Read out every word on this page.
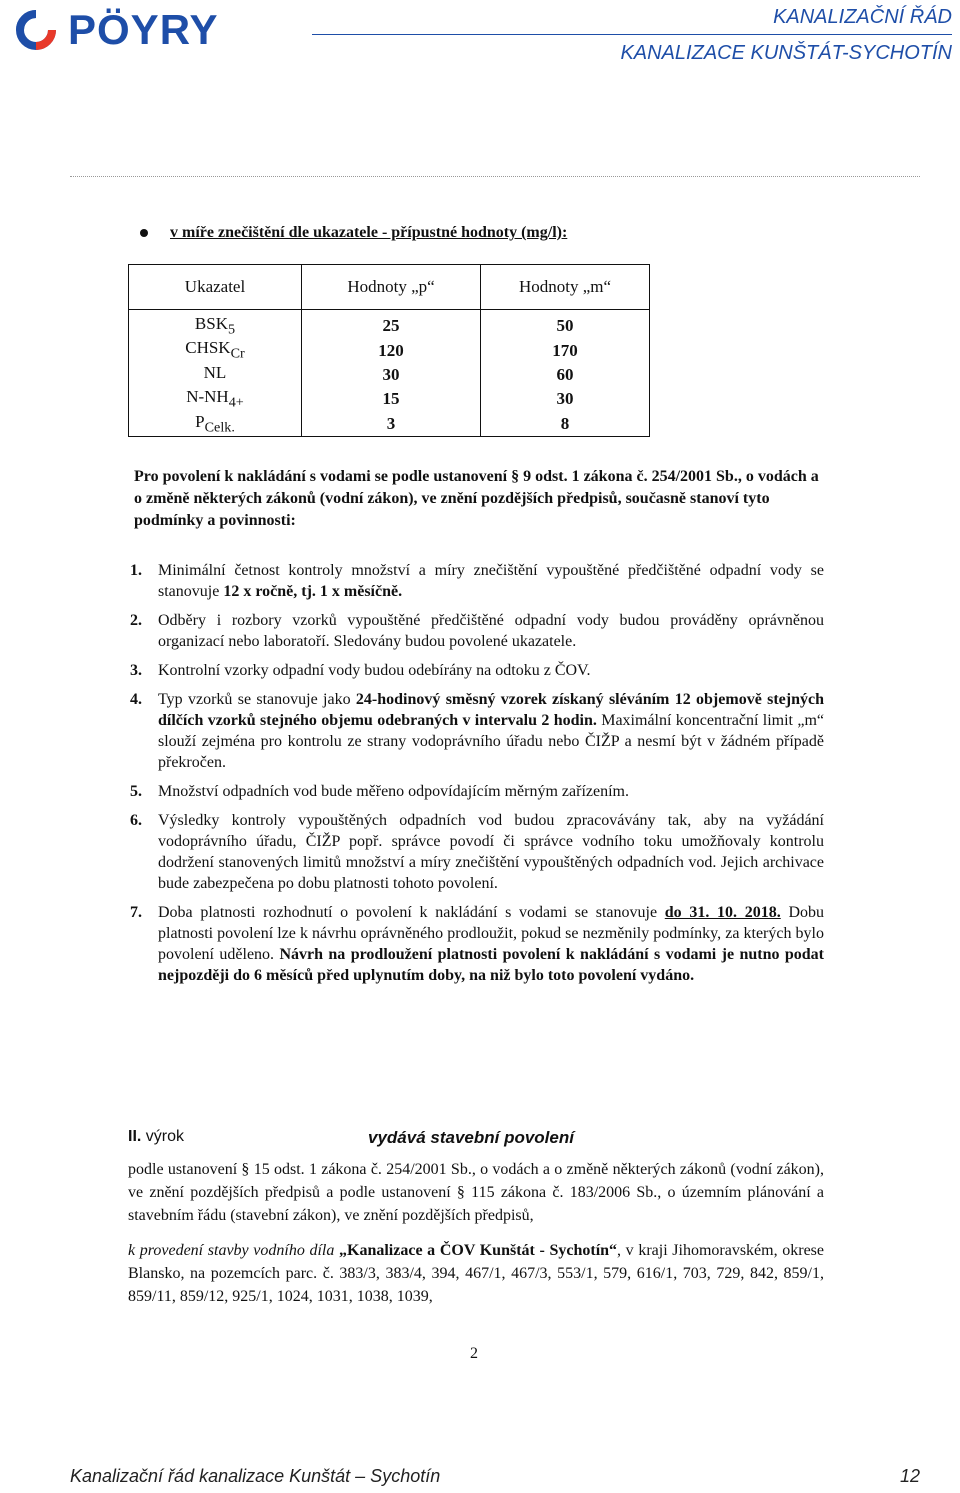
PÖYRY	KANALIZAČNÍ ŘÁD
KANALIZACE KUNŠTÁT-SYCHOTÍN
v míře znečištění dle ukazatele - přípustné hodnoty (mg/l):
Ukazatel	Hodnoty „p“	Hodnoty „m“
$BSK_5$	25	50
$CHSK_{Cr}$	120	170
NL	30	60
$N-NH_{4+}$	15	30
$P_{Celk.}$	3	8
Pro povolení k nakládání s vodami se podle ustanovení § 9 odst. 1 zákona č. 254/2001 Sb., o vodách a o změně některých zákonů (vodní zákon), ve znění pozdějších předpisů, současně stanoví tyto podmínky a povinnosti:
1. Minimální četnost kontroly množství a míry znečištění vypouštěné předčištěné odpadní vody se stanovuje 12 x ročně, tj. 1 x měsíčně.
2. Odběry i rozbory vzorků vypouštěné předčištěné odpadní vody budou prováděny oprávněnou organizací nebo laboratoří. Sledovány budou povolené ukazatele.
3. Kontrolní vzorky odpadní vody budou odebírány na odtoku z ČOV.
4. Typ vzorků se stanovuje jako 24-hodinový směsný vzorek získaný sléváním 12 objemově stejných dílčích vzorků stejného objemu odebraných v intervalu 2 hodin. Maximální koncentrační limit „m“ slouží zejména pro kontrolu ze strany vodoprávního úřadu nebo ČIŽP a nesmí být v žádném případě překročen.
5. Množství odpadních vod bude měřeno odpovídajícím měrným zařízením.
6. Výsledky kontroly vypouštěných odpadních vod budou zpracovávány tak, aby na vyžádání vodoprávního úřadu, ČIŽP popř. správce povodí či správce vodního toku umožňovaly kontrolu dodržení stanovených limitů množství a míry znečištění vypouštěných odpadních vod. Jejich archivace bude zabezpečena po dobu platnosti tohoto povolení.
7. Doba platnosti rozhodnutí o povolení k nakládání s vodami se stanovuje do 31. 10. 2018. Dobu platnosti povolení lze k návrhu oprávněného prodloužit, pokud se nezměnily podmínky, za kterých bylo povolení uděleno. Návrh na prodloužení platnosti povolení k nakládání s vodami je nutno podat nejpozději do 6 měsíců před uplynutím doby, na niž bylo toto povolení vydáno.
II. výrok	vydává stavební povolení

podle ustanovení § 15 odst. 1 zákona č. 254/2001 Sb., o vodách a o změně některých zákonů (vodní zákon), ve znění pozdějších předpisů a podle ustanovení § 115 zákona č. 183/2006 Sb., o územním plánování a stavebním řádu (stavební zákon), ve znění pozdějších předpisů,

k provedení stavby vodního díla „Kanalizace a ČOV Kunštát - Sychotín“, v kraji Jihomoravském, okrese Blansko, na pozemcích parc. č. 383/3, 383/4, 394, 467/1, 467/3, 553/1, 579, 616/1, 703, 729, 842, 859/1, 859/11, 859/12, 925/1, 1024, 1031, 1038, 1039,

2
Kanalizační řád kanalizace Kunštát – Sychotín	12
